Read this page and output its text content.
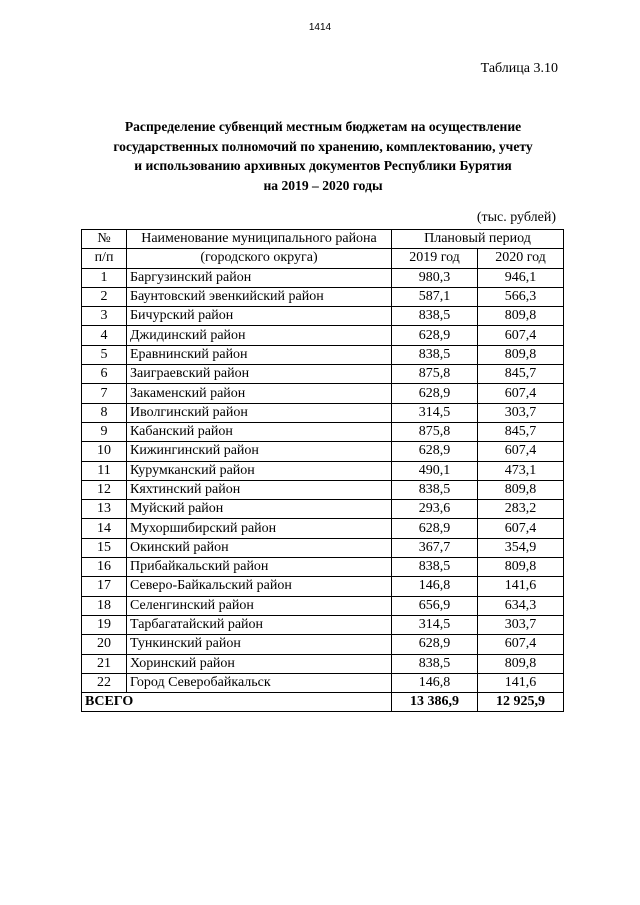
1414
Таблица 3.10
Распределение субвенций местным бюджетам на осуществление
государственных полномочий по хранению, комплектованию, учету
и использованию архивных документов Республики Бурятия
на 2019 – 2020 годы
(тыс. рублей)
№	Наименование муниципального района	Плановый период	
п/п	(городского округа)	2019 год	2020 год
1	Баргузинский район	980,3	946,1
2	Баунтовский эвенкийский район	587,1	566,3
3	Бичурский район	838,5	809,8
4	Джидинский район	628,9	607,4
5	Еравнинский район	838,5	809,8
6	Заиграевский район	875,8	845,7
7	Закаменский район	628,9	607,4
8	Иволгинский район	314,5	303,7
9	Кабанский район	875,8	845,7
10	Кижингинский район	628,9	607,4
11	Курумканский район	490,1	473,1
12	Кяхтинский район	838,5	809,8
13	Муйский район	293,6	283,2
14	Мухоршибирский район	628,9	607,4
15	Окинский район	367,7	354,9
16	Прибайкальский район	838,5	809,8
17	Северо-Байкальский район	146,8	141,6
18	Селенгинский район	656,9	634,3
19	Тарбагатайский район	314,5	303,7
20	Тункинский район	628,9	607,4
21	Хоринский район	838,5	809,8
22	Город Северобайкальск	146,8	141,6
ВСЕГО		13 386,9	12 925,9
